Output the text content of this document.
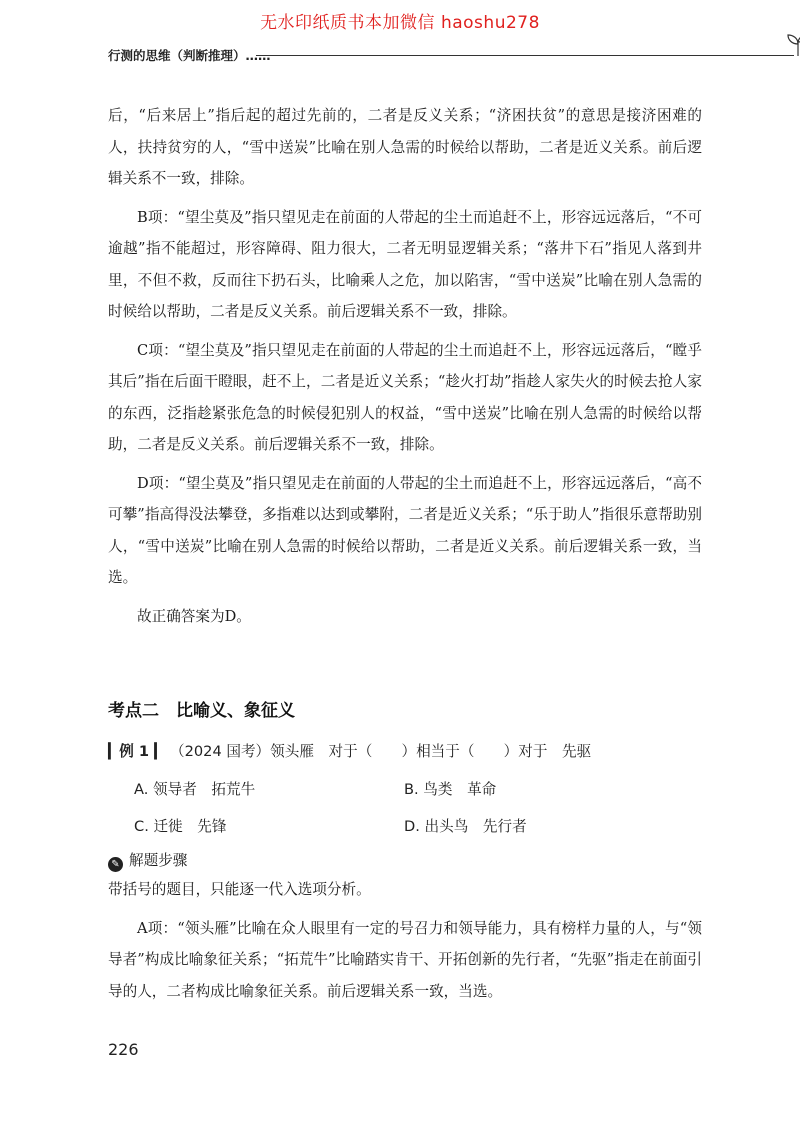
无水印纸质书本加微信 haoshu278
行测的思维（判断推理）……

后，“后来居上”指后起的超过先前的，二者是反义关系；“济困扶贫”的意思是接济困难的人，扶持贫穷的人，“雪中送炭”比喻在别人急需的时候给以帮助，二者是近义关系。前后逻辑关系不一致，排除。

B项：“望尘莫及”指只望见走在前面的人带起的尘土而追赶不上，形容远远落后，“不可逾越”指不能超过，形容障碍、阻力很大，二者无明显逻辑关系；“落井下石”指见人落到井里，不但不救，反而往下扔石头，比喻乘人之危，加以陷害，“雪中送炭”比喻在别人急需的时候给以帮助，二者是反义关系。前后逻辑关系不一致，排除。

C项：“望尘莫及”指只望见走在前面的人带起的尘土而追赶不上，形容远远落后，“瞠乎其后”指在后面干瞪眼，赶不上，二者是近义关系；“趁火打劫”指趁人家失火的时候去抢人家的东西，泛指趁紧张危急的时候侵犯别人的权益，“雪中送炭”比喻在别人急需的时候给以帮助，二者是反义关系。前后逻辑关系不一致，排除。

D项：“望尘莫及”指只望见走在前面的人带起的尘土而追赶不上，形容远远落后，“高不可攀”指高得没法攀登，多指难以达到或攀附，二者是近义关系；“乐于助人”指很乐意帮助别人，“雪中送炭”比喻在别人急需的时候给以帮助，二者是近义关系。前后逻辑关系一致，当选。

故正确答案为D。

考点二　比喻义、象征义
▎例 1 ▎ （2024 国考）领头雁　对于（　　）相当于（　　）对于　先驱
A. 领导者　拓荒牛	B. 鸟类　革命
C. 迁徙　先锋	D. 出头鸟　先行者
✎ 解题步骤

带括号的题目，只能逐一代入选项分析。

A项：“领头雁”比喻在众人眼里有一定的号召力和领导能力，具有榜样力量的人，与“领导者”构成比喻象征关系；“拓荒牛”比喻踏实肯干、开拓创新的先行者，“先驱”指走在前面引导的人，二者构成比喻象征关系。前后逻辑关系一致，当选。

226
